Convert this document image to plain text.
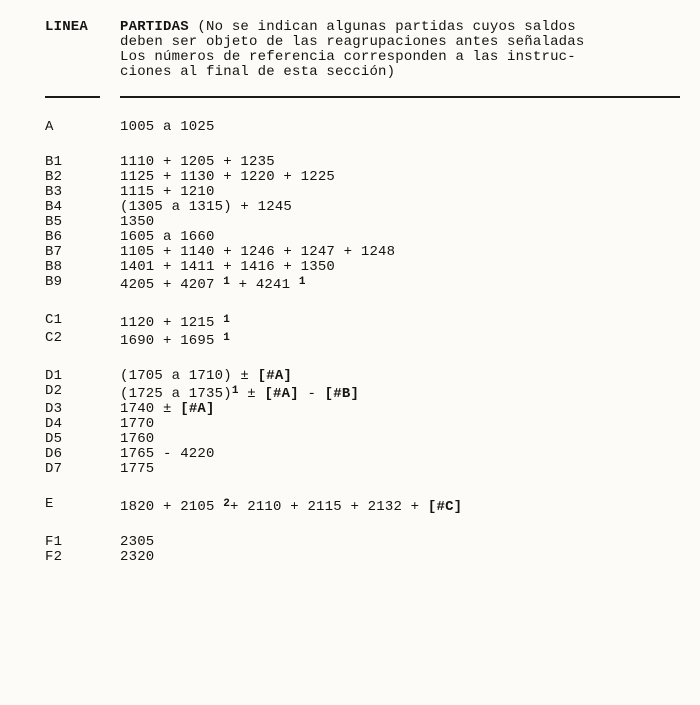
LINEA	PARTIDAS (No se indican algunas partidas cuyos saldos
deben ser objeto de las reagrupaciones antes señaladas
Los números de referencia corresponden a las instruc-
ciones al final de esta sección)
A	1005 a 1025
B1	1110 + 1205 + 1235
B2	1125 + 1130 + 1220 + 1225
B3	1115 + 1210
B4	(1305 a 1315) + 1245
B5	1350
B6	1605 a 1660
B7	1105 + 1140 + 1246 + 1247 + 1248
B8	1401 + 1411 + 1416 + 1350
B9	4205 + 4207 $^1$ + 4241 $^1$
C1	1120 + 1215 $^1$
C2	1690 + 1695 $^1$
D1	(1705 a 1710) ± [#A]
D2	(1725 a 1735)$^1$ ± [#A] - [#B]
D3	1740 ± [#A]
D4	1770
D5	1760
D6	1765 - 4220
D7	1775
E	1820 + 2105 $^2$+ 2110 + 2115 + 2132 + [#C]
F1	2305
F2	2320
